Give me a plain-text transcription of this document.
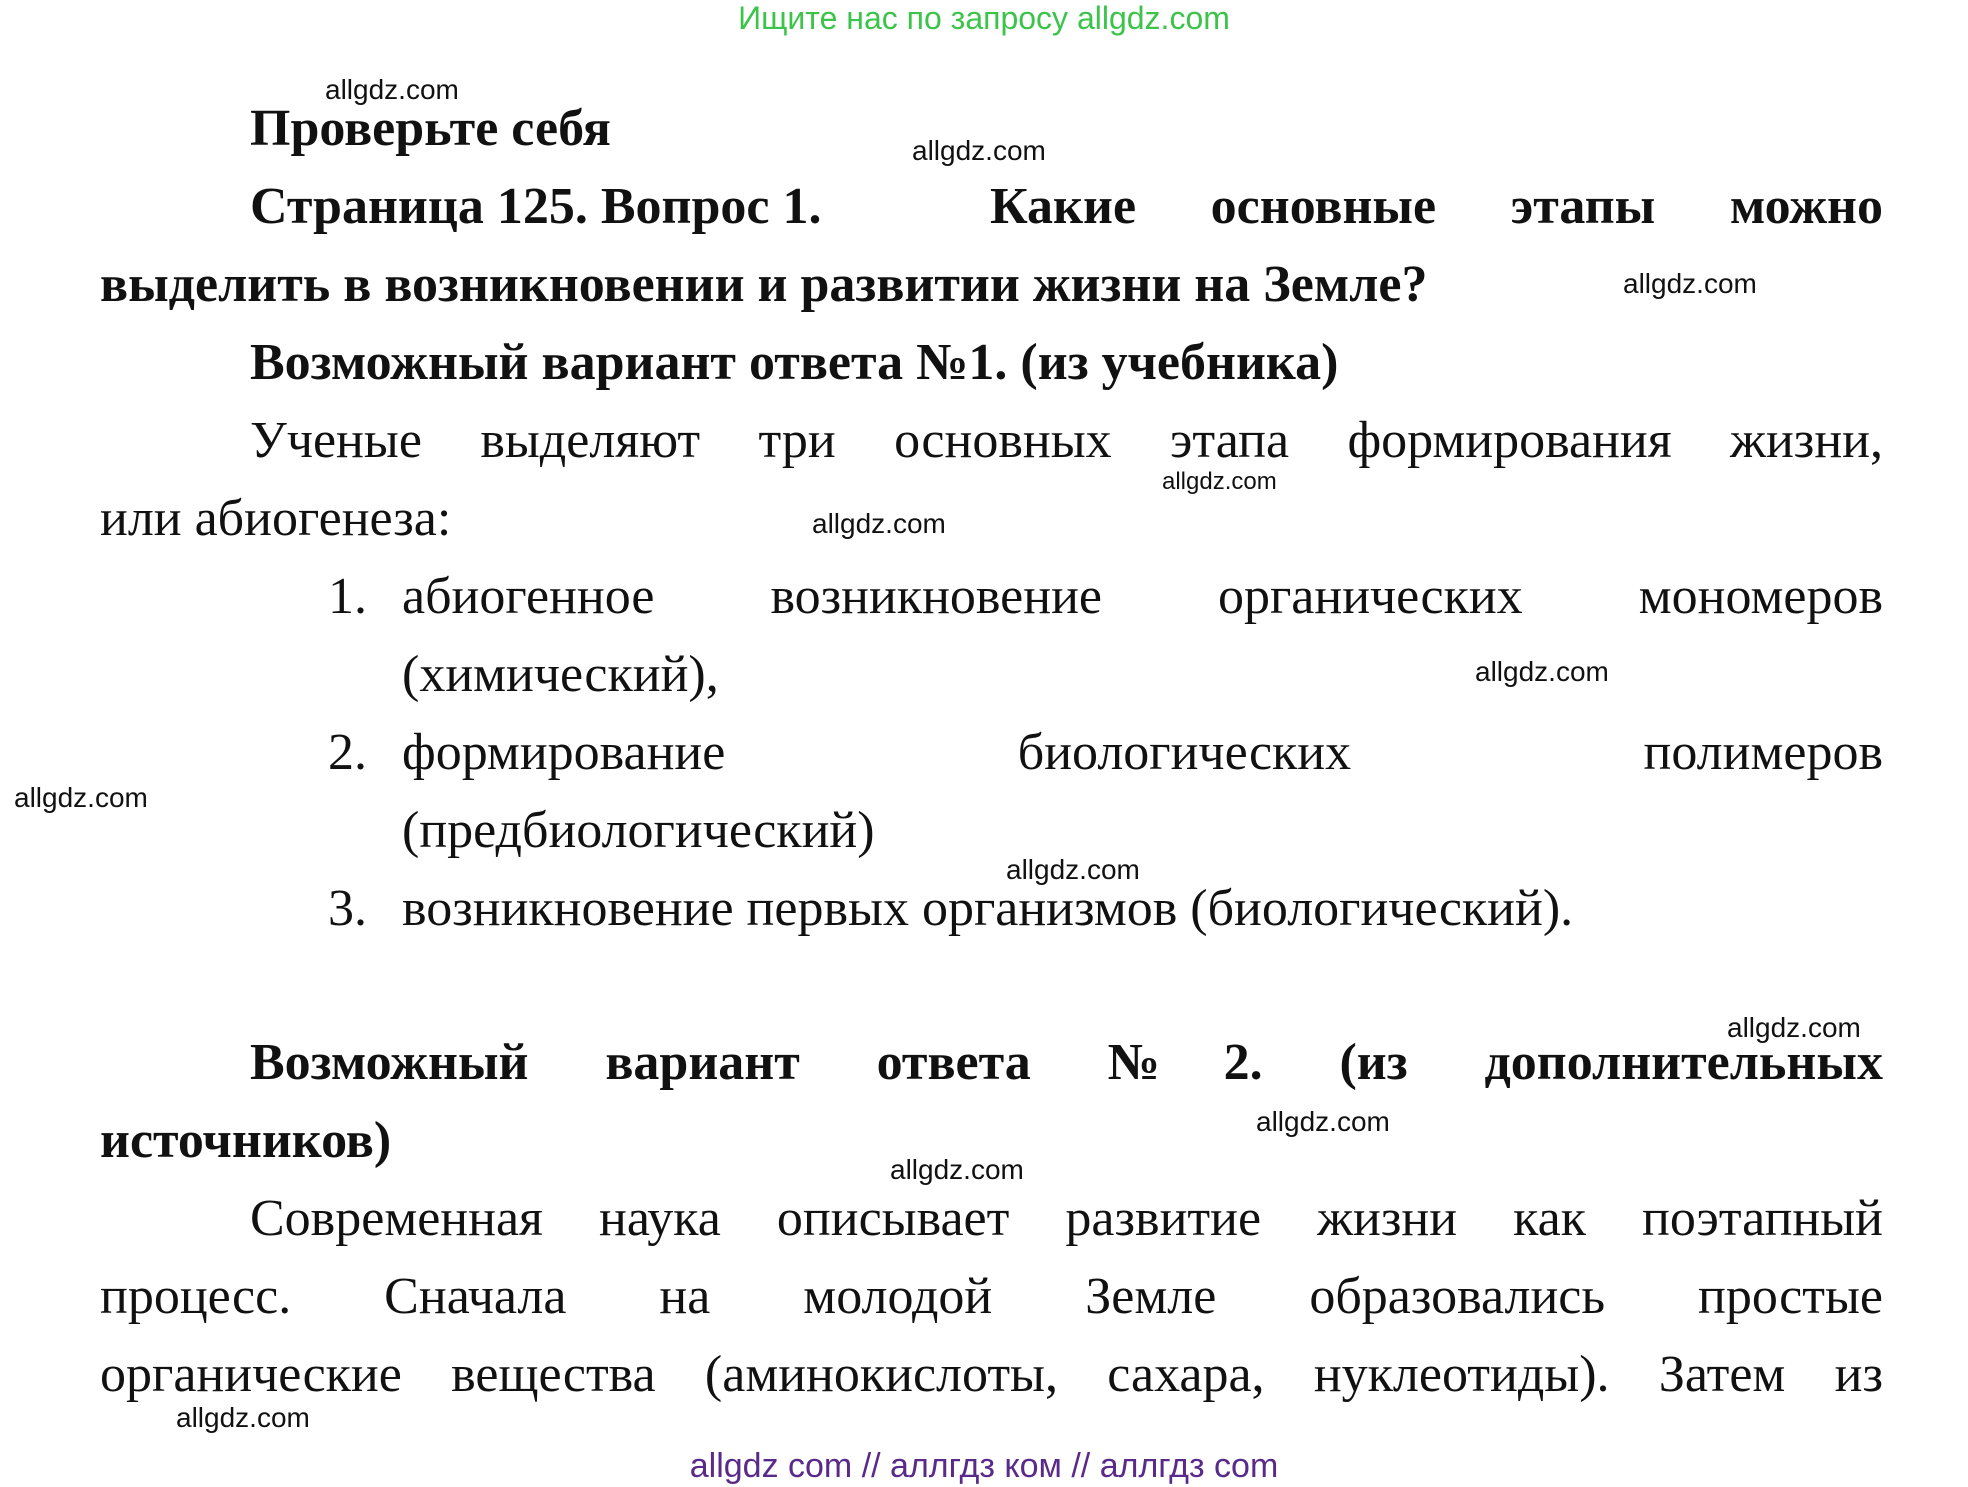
Ищите нас по запросу allgdz.com
allgdz com // аллгдз ком // аллгдз com
Проверьте себя
Страница 125. Вопрос 1.	Какие основные этапы можно
выделить в возникновении и развитии жизни на Земле?
Возможный вариант ответа №1. (из учебника)
Ученые выделяют три основных этапа формирования жизни,
или абиогенеза:
1. абиогенное возникновение органических мономеров
(химический),
2. формирование биологических полимеров
(предбиологический)
3. возникновение первых организмов (биологический).
Возможный вариант ответа №2. (из дополнительных
источников)
Современная наука описывает развитие жизни как поэтапный
процесс. Сначала на молодой Земле образовались простые
органические вещества (аминокислоты, сахара, нуклеотиды). Затем из
allgdz.com
allgdz.com
allgdz.com
allgdz.com
allgdz.com
allgdz.com
allgdz.com
allgdz.com
allgdz.com
allgdz.com
allgdz.com
allgdz.com
